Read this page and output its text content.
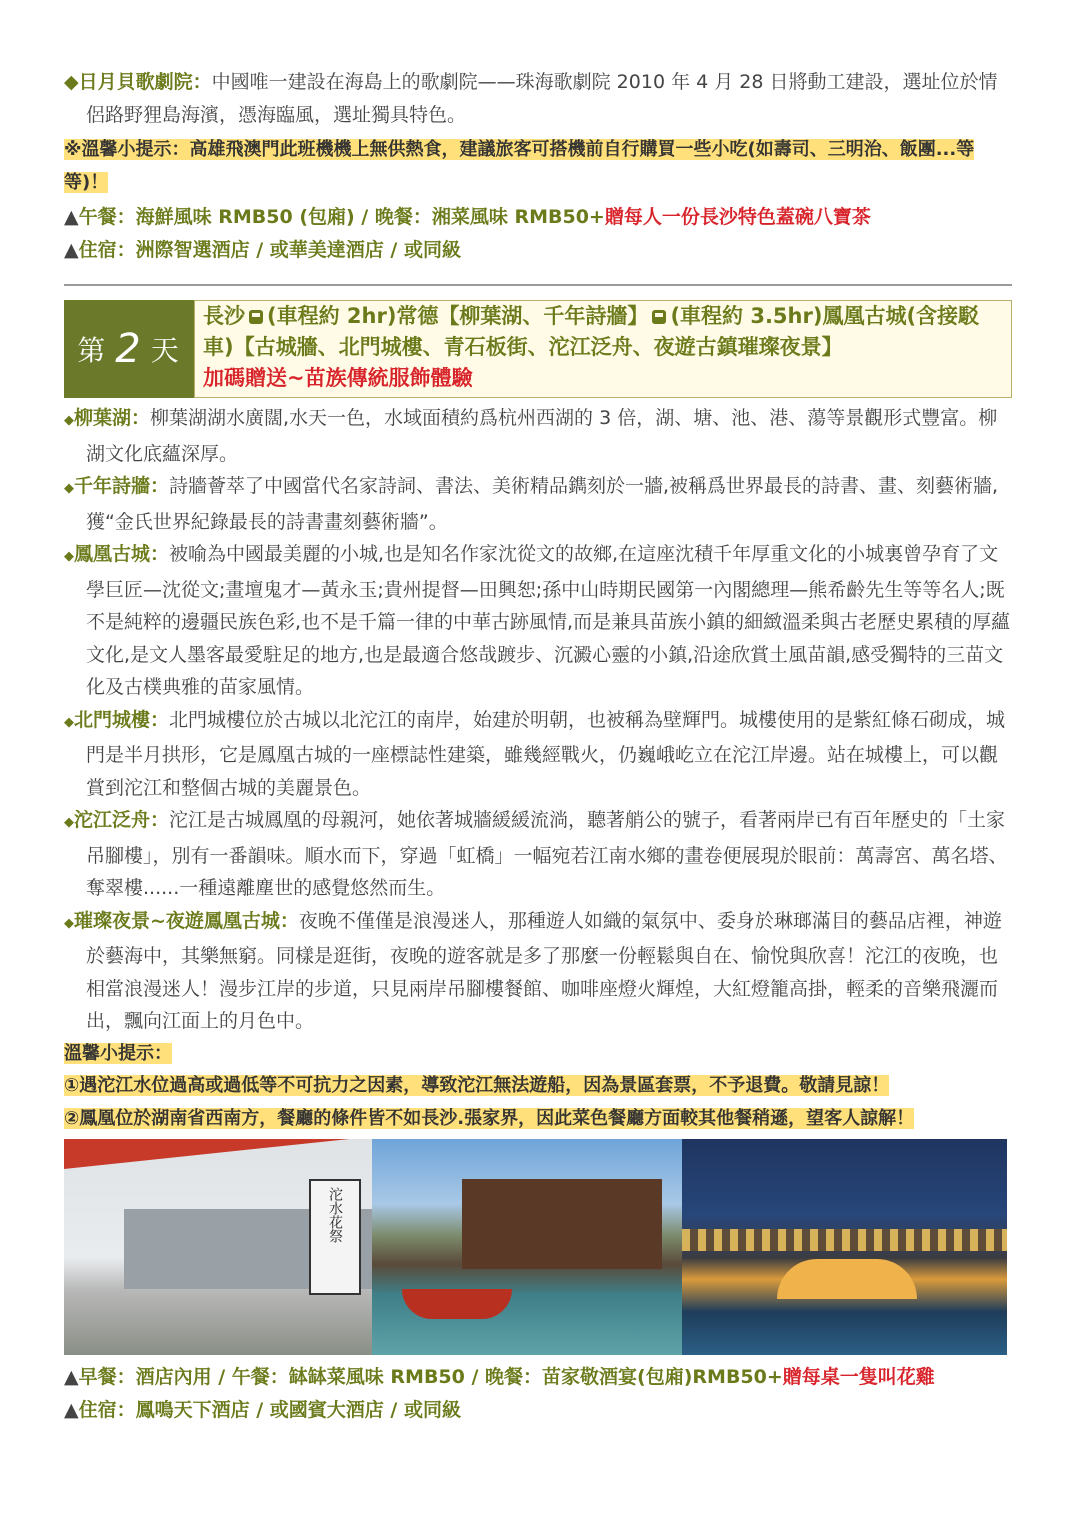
◆日月貝歌劇院：中國唯一建設在海島上的歌劇院——珠海歌劇院 2010 年 4 月 28 日將動工建設，選址位於情侶路野狸島海濱，憑海臨風，選址獨具特色。

※溫馨小提示：高雄飛澳門此班機機上無供熱食，建議旅客可搭機前自行購買一些小吃(如壽司、三明治、飯團...等等)！

▲午餐：海鮮風味 RMB50 (包廂) / 晚餐：湘菜風味 RMB50+贈每人一份長沙特色蓋碗八寶茶

▲住宿：洲際智選酒店 / 或華美達酒店 / 或同級

第 2 天
長沙 (車程約 2hr)常德【柳葉湖、千年詩牆】 (車程約 3.5hr)鳳凰古城(含接駁車)【古城牆、北門城樓、青石板街、沱江泛舟、夜遊古鎮璀璨夜景】
加碼贈送~苗族傳統服飾體驗

◆柳葉湖：柳葉湖湖水廣闊,水天一色，水域面積約爲杭州西湖的 3 倍，湖、塘、池、港、蕩等景觀形式豐富。柳湖文化底蘊深厚。

◆千年詩牆：詩牆薈萃了中國當代名家詩詞、書法、美術精品鐫刻於一牆,被稱爲世界最長的詩書、畫、刻藝術牆,獲“金氏世界紀錄最長的詩書畫刻藝術牆”。

◆鳳凰古城：被喻為中國最美麗的小城,也是知名作家沈從文的故鄉,在這座沈積千年厚重文化的小城裏曾孕育了文學巨匠—沈從文;畫壇鬼才—黃永玉;貴州提督—田興恕;孫中山時期民國第一內閣總理—熊希齡先生等等名人;既不是純粹的邊疆民族色彩,也不是千篇一律的中華古跡風情,而是兼具苗族小鎮的細緻溫柔與古老歷史累積的厚蘊文化,是文人墨客最愛駐足的地方,也是最適合悠哉踱步、沉澱心靈的小鎮,沿途欣賞土風苗韻,感受獨特的三苗文化及古樸典雅的苗家風情。

◆北門城樓：北門城樓位於古城以北沱江的南岸，始建於明朝，也被稱為壁輝門。城樓使用的是紫紅條石砌成，城門是半月拱形，它是鳳凰古城的一座標誌性建築，雖幾經戰火，仍巍峨屹立在沱江岸邊。站在城樓上，可以觀賞到沱江和整個古城的美麗景色。

◆沱江泛舟：沱江是古城鳳凰的母親河，她依著城牆緩緩流淌，聽著艄公的號子，看著兩岸已有百年歷史的「土家吊腳樓」，別有一番韻味。順水而下，穿過「虹橋」一幅宛若江南水鄉的畫卷便展現於眼前：萬壽宮、萬名塔、奪翠樓......一種遠離塵世的感覺悠然而生。

◆璀璨夜景~夜遊鳳凰古城：夜晚不僅僅是浪漫迷人，那種遊人如織的氣氛中、委身於琳瑯滿目的藝品店裡，神遊於藝海中，其樂無窮。同樣是逛街，夜晚的遊客就是多了那麼一份輕鬆與自在、愉悅與欣喜！沱江的夜晚，也相當浪漫迷人！漫步江岸的步道，只見兩岸吊腳樓餐館、咖啡座燈火輝煌，大紅燈籠高掛，輕柔的音樂飛灑而出，飄向江面上的月色中。

溫馨小提示：

①遇沱江水位過高或過低等不可抗力之因素，導致沱江無法遊船，因為景區套票，不予退費。敬請見諒！

②鳳凰位於湖南省西南方，餐廳的條件皆不如長沙.張家界，因此菜色餐廳方面較其他餐稍遜，望客人諒解！

沱水花祭

▲早餐：酒店內用 / 午餐：缽缽菜風味 RMB50 / 晚餐：苗家敬酒宴(包廂)RMB50+贈每桌一隻叫花雞

▲住宿：鳳鳴天下酒店 / 或國賓大酒店 / 或同級
